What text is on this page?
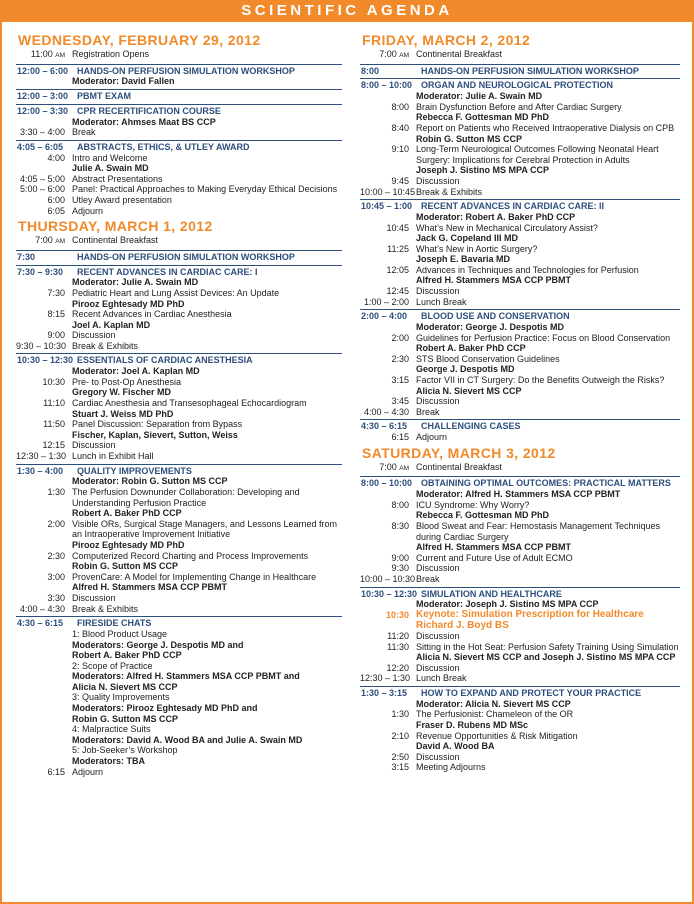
SCIENTIFIC AGENDA
WEDNESDAY, FEBRUARY 29, 2012
11:00 AM Registration Opens
12:00 – 6:00 HANDS-ON PERFUSION SIMULATION WORKSHOP
Moderator: David Fallen
12:00 – 3:00 PBMT EXAM
12:00 – 3:30 CPR RECERTIFICATION COURSE
Moderator: Ahmses Maat BS CCP
3:30 – 4:00 Break
4:05 – 6:05	ABSTRACTS, ETHICS, & UTLEY AWARD
4:00 Intro and Welcome
Julie A. Swain MD
4:05 – 5:00 Abstract Presentations
5:00 – 6:00 Panel: Practical Approaches to Making Everyday Ethical Decisions
6:00 Utley Award presentation
6:05 Adjourn
THURSDAY, MARCH 1, 2012
7:00 AM Continental Breakfast
7:30	HANDS-ON PERFUSION SIMULATION WORKSHOP
7:30 – 9:30	RECENT ADVANCES IN CARDIAC CARE: I
Moderator: Julie A. Swain MD
7:30 Pediatric Heart and Lung Assist Devices: An Update
Pirooz Eghtesady MD PhD
8:15 Recent Advances in Cardiac Anesthesia
Joel A. Kaplan MD
9:00 Discussion
9:30 – 10:30 Break & Exhibits
10:30 – 12:30 ESSENTIALS OF CARDIAC ANESTHESIA
Moderator: Joel A. Kaplan MD
10:30 Pre- to Post-Op Anesthesia
Gregory W. Fischer MD
11:10 Cardiac Anesthesia and Transesophageal Echocardiogram
Stuart J. Weiss MD PhD
11:50 Panel Discussion: Separation from Bypass
Fischer, Kaplan, Sievert, Sutton, Weiss
12:15 Discussion
12:30 – 1:30 Lunch in Exhibit Hall
1:30 – 4:00	QUALITY IMPROVEMENTS
Moderator: Robin G. Sutton MS CCP
1:30 The Perfusion Downunder Collaboration: Developing and
Understanding Perfusion Practice
Robert A. Baker PhD CCP
2:00 Visible ORs, Surgical Stage Managers, and Lessons Learned from
an Intraoperative Improvement Initiative
Pirooz Eghtesady MD PhD
2:30 Computerized Record Charting and Process Improvements
Robin G. Sutton MS CCP
3:00 ProvenCare: A Model for Implementing Change in Healthcare
Alfred H. Stammers MSA CCP PBMT
3:30 Discussion
4:00 – 4:30 Break & Exhibits
4:30 – 6:15	FIRESIDE CHATS
1: Blood Product Usage
Moderators: George J. Despotis MD and
Robert A. Baker PhD CCP
2: Scope of Practice
Moderators: Alfred H. Stammers MSA CCP PBMT and
Alicia N. Sievert MS CCP
3: Quality Improvements
Moderators: Pirooz Eghtesady MD PhD and
Robin G. Sutton MS CCP
4: Malpractice Suits
Moderators: David A. Wood BA and Julie A. Swain MD
5: Job-Seeker’s Workshop
Moderators: TBA
6:15 Adjourn
FRIDAY, MARCH 2, 2012
7:00 AM Continental Breakfast
8:00	HANDS-ON PERFUSION SIMULATION WORKSHOP
8:00 – 10:00 ORGAN AND NEUROLOGICAL PROTECTION
Moderator: Julie A. Swain MD
8:00 Brain Dysfunction Before and After Cardiac Surgery
Rebecca F. Gottesman MD PhD
8:40 Report on Patients who Received Intraoperative Dialysis on CPB
Robin G. Sutton MS CCP
9:10 Long-Term Neurological Outcomes Following Neonatal Heart
Surgery: Implications for Cerebral Protection in Adults
Joseph J. Sistino MS MPA CCP
9:45 Discussion
10:00 – 10:45 Break & Exhibits
10:45 – 1:00 RECENT ADVANCES IN CARDIAC CARE: II
Moderator: Robert A. Baker PhD CCP
10:45 What’s New in Mechanical Circulatory Assist?
Jack G. Copeland III MD
11:25 What’s New in Aortic Surgery?
Joseph E. Bavaria MD
12:05 Advances in Techniques and Technologies for Perfusion
Alfred H. Stammers MSA CCP PBMT
12:45 Discussion
1:00 – 2:00 Lunch Break
2:00 – 4:00	BLOOD USE AND CONSERVATION
Moderator: George J. Despotis MD
2:00 Guidelines for Perfusion Practice: Focus on Blood Conservation
Robert A. Baker PhD CCP
2:30 STS Blood Conservation Guidelines
George J. Despotis MD
3:15 Factor VII in CT Surgery: Do the Benefits Outweigh the Risks?
Alicia N. Sievert MS CCP
3:45 Discussion
4:00 – 4:30 Break
4:30 – 6:15	CHALLENGING CASES
6:15 Adjourn
SATURDAY, MARCH 3, 2012
7:00 AM Continental Breakfast
8:00 – 10:00 OBTAINING OPTIMAL OUTCOMES: PRACTICAL MATTERS
Moderator: Alfred H. Stammers MSA CCP PBMT
8:00 ICU Syndrome: Why Worry?
Rebecca F. Gottesman MD PhD
8:30 Blood Sweat and Fear: Hemostasis Management Techniques
during Cardiac Surgery
Alfred H. Stammers MSA CCP PBMT
9:00 Current and Future Use of Adult ECMO
9:30 Discussion
10:00 – 10:30 Break
10:30 – 12:30 SIMULATION AND HEALTHCARE
Moderator: Joseph J. Sistino MS MPA CCP
10:30 Keynote: Simulation Prescription for Healthcare
Richard J. Boyd BS
11:20 Discussion
11:30 Sitting in the Hot Seat: Perfusion Safety Training Using Simulation
Alicia N. Sievert MS CCP and Joseph J. Sistino MS MPA CCP
12:20 Discussion
12:30 – 1:30 Lunch Break
1:30 – 3:15	HOW TO EXPAND AND PROTECT YOUR PRACTICE
Moderator: Alicia N. Sievert MS CCP
1:30 The Perfusionist: Chameleon of the OR
Fraser D. Rubens MD MSc
2:10 Revenue Opportunities & Risk Mitigation
David A. Wood BA
2:50 Discussion
3:15 Meeting Adjourns
